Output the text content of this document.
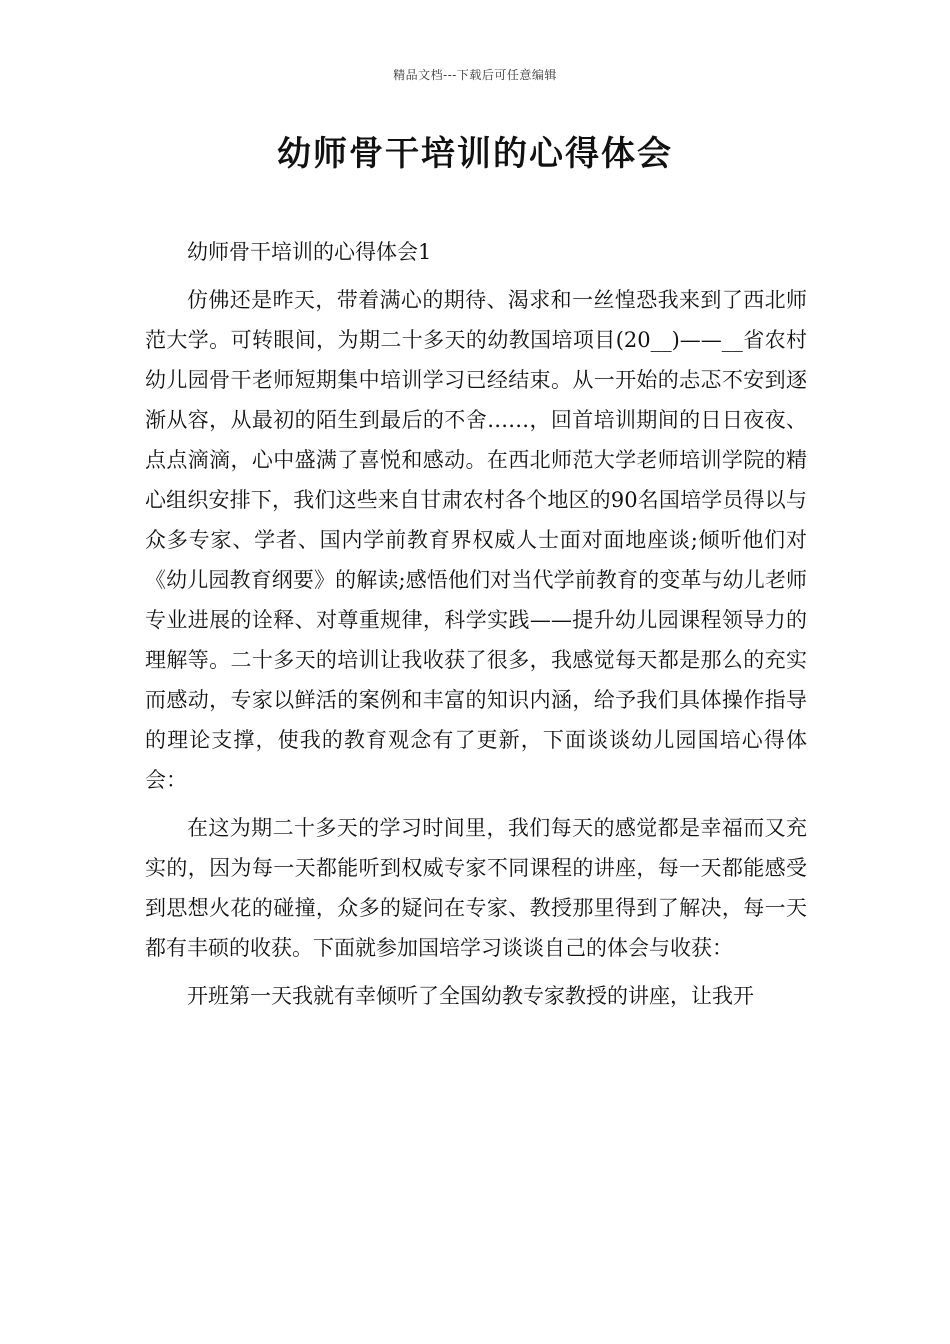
精品文档---下载后可任意编辑
幼师骨干培训的心得体会

幼师骨干培训的心得体会1

仿佛还是昨天，带着满心的期待、渴求和一丝惶恐我来到了西北师范大学。可转眼间，为期二十多天的幼教国培项目(20__)——__省农村幼儿园骨干老师短期集中培训学习已经结束。从一开始的忐忑不安到逐渐从容，从最初的陌生到最后的不舍……，回首培训期间的日日夜夜、点点滴滴，心中盛满了喜悦和感动。在西北师范大学老师培训学院的精心组织安排下，我们这些来自甘肃农村各个地区的90名国培学员得以与众多专家、学者、国内学前教育界权威人士面对面地座谈;倾听他们对《幼儿园教育纲要》的解读;感悟他们对当代学前教育的变革与幼儿老师专业进展的诠释、对尊重规律，科学实践——提升幼儿园课程领导力的理解等。二十多天的培训让我收获了很多，我感觉每天都是那么的充实而感动，专家以鲜活的案例和丰富的知识内涵，给予我们具体操作指导的理论支撑，使我的教育观念有了更新，下面谈谈幼儿园国培心得体会：

在这为期二十多天的学习时间里，我们每天的感觉都是幸福而又充实的，因为每一天都能听到权威专家不同课程的讲座，每一天都能感受到思想火花的碰撞，众多的疑问在专家、教授那里得到了解决，每一天都有丰硕的收获。下面就参加国培学习谈谈自己的体会与收获：

开班第一天我就有幸倾听了全国幼教专家教授的讲座，让我开
